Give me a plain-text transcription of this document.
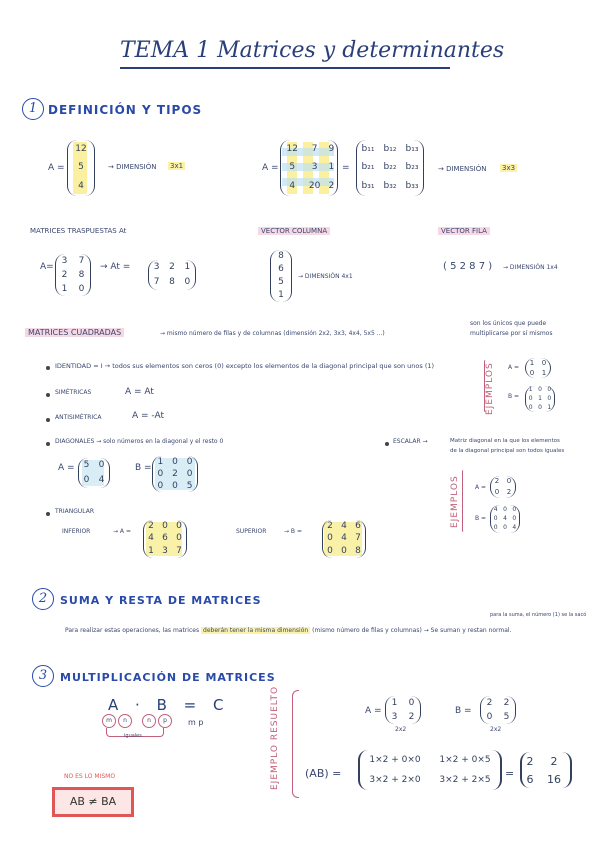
TEMA 1 Matrices y determinantes
1 DEFINICIÓN Y TIPOS
A =
12
5
4
→ DIMENSIÓN 3x1	A =
12	7	9
5	3	1
4	20	2
=
b₁₁	b₁₂	b₁₃
b₂₁	b₂₂	b₂₃
b₃₁	b₃₂	b₃₃
→ DIMENSIÓN 3x3
MATRICES TRASPUESTAS At
A=
3	7
2	8
1	0
→ At =	3	2	1
7	8	0
VECTOR COLUMNA
8
6
5
1
→ DIMENSIÓN 4x1
VECTOR FILA
( 5 2 8 7 ) → DIMENSIÓN 1x4
MATRICES CUADRADAS	→ mismo número de filas y de columnas (dimensión 2x2, 3x3, 4x4, 5x5 ...)
son los únicos que puede
multiplicarse por sí mismos
IDENTIDAD = I → todos sus elementos son ceros (0) excepto los elementos de la diagonal principal que son unos (1)
SIMÉTRICAS	A = At
ANTISIMÉTRICA	A = -At
DIAGONALES → solo números en la diagonal y el resto 0
A = 5	0
0	4
B =
1	0	0
0	2	0
0	0	5
ESCALAR →	Matriz diagonal en la que los elementos
de la diagonal principal son todos iguales
EJEMPLOS A =
1	0
0	1
B =
1	0	0
0	1	0
0	0	1
EJEMPLOS	A =
2	0
0	2
B =
4	0	0
0	4	0
0	0	4
TRIANGULAR
INFERIOR	→ A =
2	0	0
4	6	0
1	3	7
SUPERIOR	→ B =
2	4	6
0	4	7
0	0	8
2	SUMA Y RESTA DE MATRICES
para la suma, el número (1) se la sacó
Para realizar estas operaciones, las matrices deberán tener la misma dimensión (mismo número de filas y columnas) → Se suman y restan normal.
3	MULTIPLICACIÓN DE MATRICES
A · B = C
m	n	n	p
iguales
m p	EJEMPLO RESUELTO	A =
1	0
3	2
2x2
B =
2	2
0	5
2x2
(AB) =
1×2 + 0×0	1×2 + 0×5
3×2 + 2×0	3×2 + 2×5 =
2	2
6	16
NO ES LO MISMO
AB ≠ BA
